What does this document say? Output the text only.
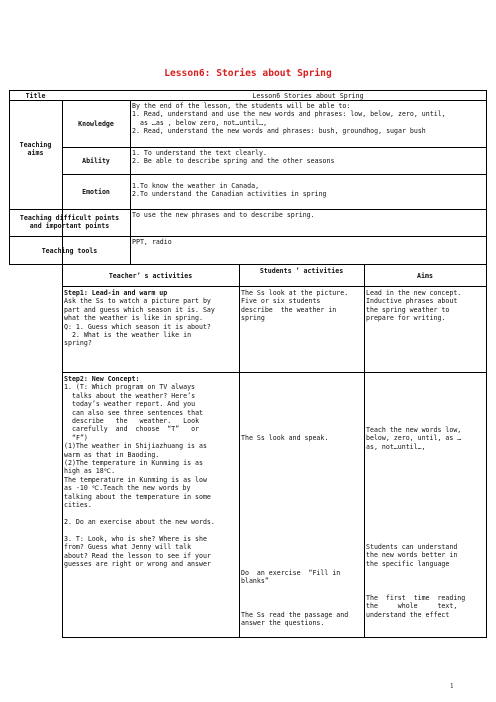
Lesson6: Stories about Spring
Title	Lesson6 Stories about Spring
Teaching
aims
Knowledge
By the end of the lesson, the students will be able to:
1. Read, understand and use the new words and phrases: low, below, zero, until,
as …as , below zero, not…until…,
2. Read, understand the new words and phrases: bush, groundhog, sugar bush
Ability
1. To understand the text clearly.
2. Be able to describe spring and the other seasons
Emotion
1.To know the weather in Canada,
2.To understand the Canadian activities in spring
Teaching difficult points
and important points
To use the new phrases and to describe spring.
Teaching tools
PPT, radio
Teacher’ s activities
Students ’ activities
Aims
Step1: Lead-in and warm up
Ask the Ss to watch a picture part by
part and guess which season it is. Say
what the weather is like in spring.
Q: 1. Guess which season it is about?
2. What is the weather like in
spring?
The Ss look at the picture.
Five or six students
describe  the weather in
spring
Lead in the new concept.
Inductive phrases about
the spring weather to
prepare for writing.
Step2: New Concept:
1. (T: Which program on TV always
talks about the weather? Here’s
today’s weather report. And you
can also see three sentences that
describe   the   weather.   Look
carefully  and  choose  “T”   or
“F”)
(1)The weather in Shijiazhuang is as
warm as that in Baoding.
(2)The temperature in Kunming is as
high as 18℃.
The temperature in Kunming is as low
as -10 ℃.Teach the new words by
talking about the temperature in some
cities.

2. Do an exercise about the new words.

3. T: Look, who is she? Where is she
from? Guess what Jenny will talk
about? Read the lesson to see if your
guesses are right or wrong and answer
The Ss look and speak.
Do  an exercise  “Fill in
blanks”
The Ss read the passage and
answer the questions.
Teach the new words low,
below, zero, until, as …
as, not…until…,
Students can understand
the new words better in
the specific language
The  first  time  reading
the     whole     text,
understand the effect
1
